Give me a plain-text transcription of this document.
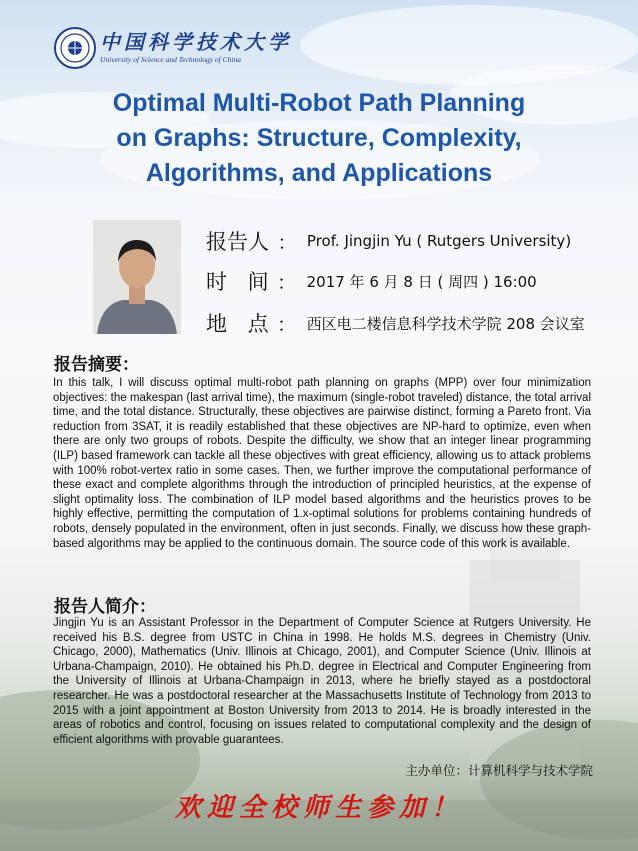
中国科学技术大学
University of Science and Technology of China
Optimal Multi-Robot Path Planning
on Graphs: Structure, Complexity,
Algorithms, and Applications
报告人 ： Prof. Jingjin Yu ( Rutgers University)
时 间 ： 2017 年 6 月 8 日 ( 周四 ) 16:00
地 点 ： 西区电二楼信息科学技术学院 208 会议室
报告摘要：

In this talk, I will discuss optimal multi-robot path planning on graphs (MPP) over four minimization objectives: the makespan (last arrival time), the maximum (single-robot traveled) distance, the total arrival time, and the total distance. Structurally, these objectives are pairwise distinct, forming a Pareto front. Via reduction from 3SAT, it is readily established that these objectives are NP-hard to optimize, even when there are only two groups of robots. Despite the difficulty, we show that an integer linear programming (ILP) based framework can tackle all these objectives with great efficiency, allowing us to attack problems with 100% robot-vertex ratio in some cases. Then, we further improve the computational performance of these exact and complete algorithms through the introduction of principled heuristics, at the expense of slight optimality loss. The combination of ILP model based algorithms and the heuristics proves to be highly effective, permitting the computation of 1.x-optimal solutions for problems containing hundreds of robots, densely populated in the environment, often in just seconds. Finally, we discuss how these graph-based algorithms may be applied to the continuous domain. The source code of this work is available.

报告人简介：

Jingjin Yu is an Assistant Professor in the Department of Computer Science at Rutgers University. He received his B.S. degree from USTC in China in 1998. He holds M.S. degrees in Chemistry (Univ. Chicago, 2000), Mathematics (Univ. Illinois at Chicago, 2001), and Computer Science (Univ. Illinois at Urbana-Champaign, 2010). He obtained his Ph.D. degree in Electrical and Computer Engineering from the University of Illinois at Urbana-Champaign in 2013, where he briefly stayed as a postdoctoral researcher. He was a postdoctoral researcher at the Massachusetts Institute of Technology from 2013 to 2015 with a joint appointment at Boston University from 2013 to 2014. He is broadly interested in the areas of robotics and control, focusing on issues related to computational complexity and the design of efficient algorithms with provable guarantees.

主办单位：计算机科学与技术学院
欢迎全校师生参加！
